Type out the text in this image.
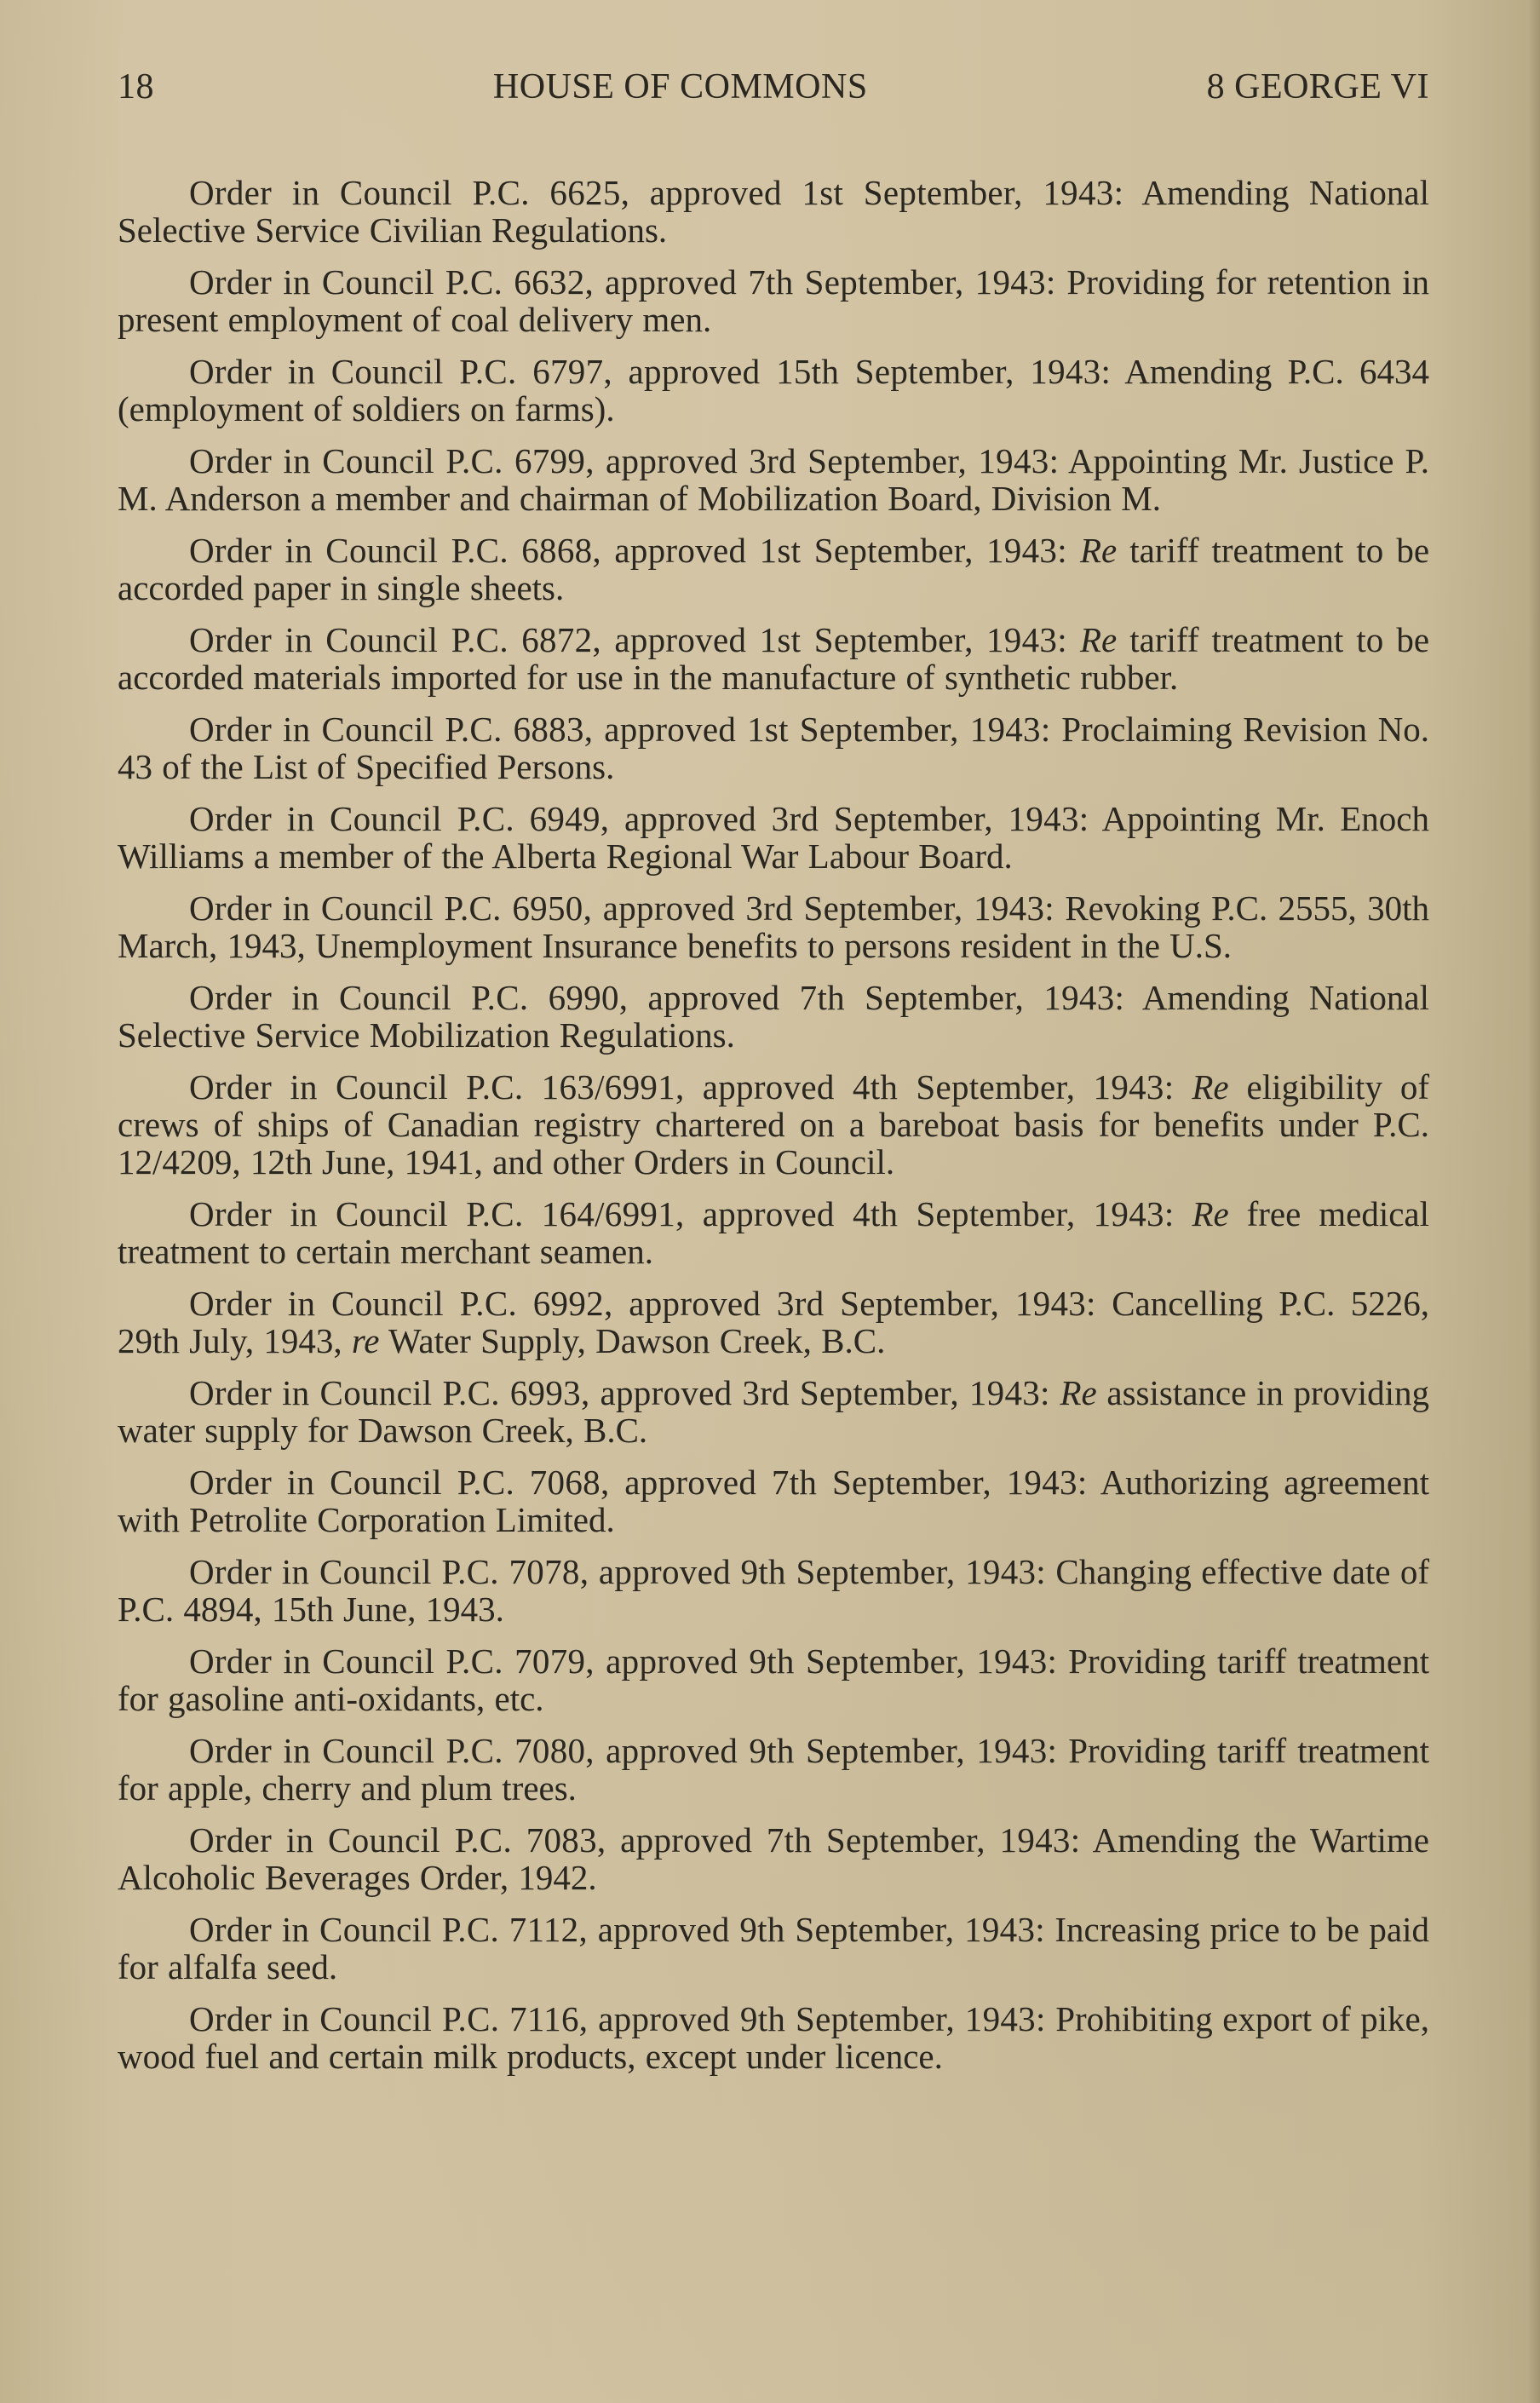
18	HOUSE OF COMMONS	8 GEORGE VI

Order in Council P.C. 6625, approved 1st September, 1943: Amending National Selective Service Civilian Regulations.

Order in Council P.C. 6632, approved 7th September, 1943: Providing for retention in present employment of coal delivery men.

Order in Council P.C. 6797, approved 15th September, 1943: Amending P.C. 6434 (employment of soldiers on farms).

Order in Council P.C. 6799, approved 3rd September, 1943: Appointing Mr. Justice P. M. Anderson a member and chairman of Mobilization Board, Division M.

Order in Council P.C. 6868, approved 1st September, 1943: Re tariff treatment to be accorded paper in single sheets.

Order in Council P.C. 6872, approved 1st September, 1943: Re tariff treatment to be accorded materials imported for use in the manufacture of synthetic rubber.

Order in Council P.C. 6883, approved 1st September, 1943: Proclaiming Revision No. 43 of the List of Specified Persons.

Order in Council P.C. 6949, approved 3rd September, 1943: Appointing Mr. Enoch Williams a member of the Alberta Regional War Labour Board.

Order in Council P.C. 6950, approved 3rd September, 1943: Revoking P.C. 2555, 30th March, 1943, Unemployment Insurance benefits to persons resident in the U.S.

Order in Council P.C. 6990, approved 7th September, 1943: Amending National Selective Service Mobilization Regulations.

Order in Council P.C. 163/6991, approved 4th September, 1943: Re eligibility of crews of ships of Canadian registry chartered on a bareboat basis for benefits under P.C. 12/4209, 12th June, 1941, and other Orders in Council.

Order in Council P.C. 164/6991, approved 4th September, 1943: Re free medical treatment to certain merchant seamen.

Order in Council P.C. 6992, approved 3rd September, 1943: Cancelling P.C. 5226, 29th July, 1943, re Water Supply, Dawson Creek, B.C.

Order in Council P.C. 6993, approved 3rd September, 1943: Re assistance in providing water supply for Dawson Creek, B.C.

Order in Council P.C. 7068, approved 7th September, 1943: Authorizing agreement with Petrolite Corporation Limited.

Order in Council P.C. 7078, approved 9th September, 1943: Changing effective date of P.C. 4894, 15th June, 1943.

Order in Council P.C. 7079, approved 9th September, 1943: Providing tariff treatment for gasoline anti-oxidants, etc.

Order in Council P.C. 7080, approved 9th September, 1943: Providing tariff treatment for apple, cherry and plum trees.

Order in Council P.C. 7083, approved 7th September, 1943: Amending the Wartime Alcoholic Beverages Order, 1942.

Order in Council P.C. 7112, approved 9th September, 1943: Increasing price to be paid for alfalfa seed.

Order in Council P.C. 7116, approved 9th September, 1943: Prohibiting export of pike, wood fuel and certain milk products, except under licence.
